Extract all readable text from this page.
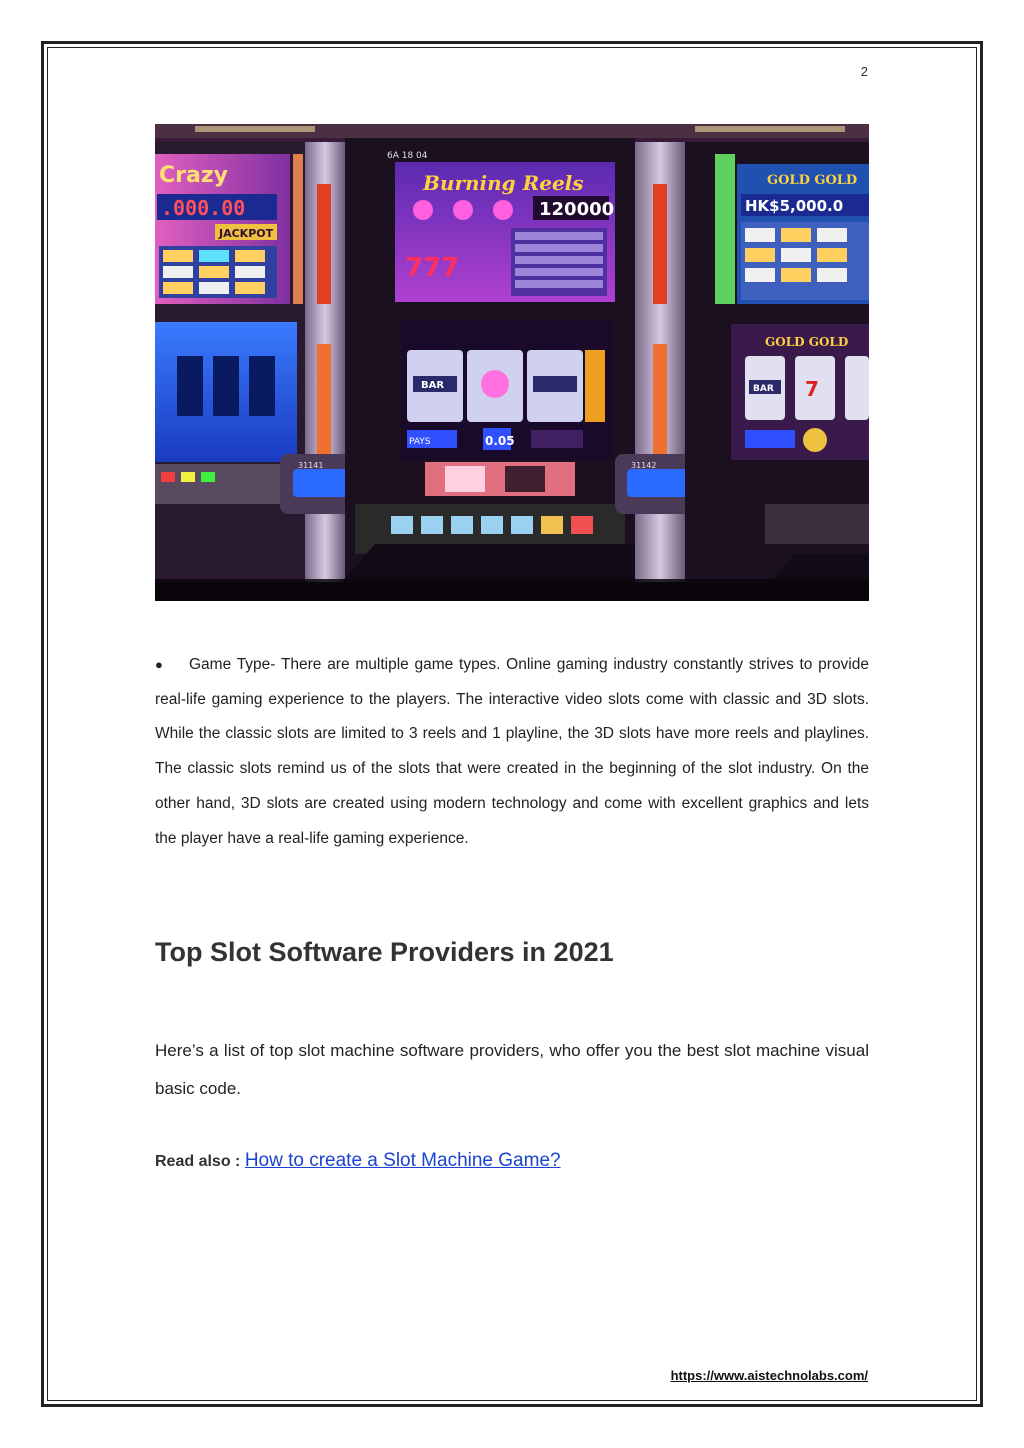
2
Crazy
.000.00
JACKPOT
31141
6A 18 04
Burning Reels
120000
777
BAR
PAYS	0.05
31142
GOLD GOLD
HK$5,000.0
GOLD GOLD
BAR 7
● Game Type- There are multiple game types. Online gaming industry constantly strives to provide real-life gaming experience to the players. The interactive video slots come with classic and 3D slots. While the classic slots are limited to 3 reels and 1 playline, the 3D slots have more reels and playlines. The classic slots remind us of the slots that were created in the beginning of the slot industry. On the other hand, 3D slots are created using modern technology and come with excellent graphics and lets the player have a real-life gaming experience.
Top Slot Software Providers in 2021
Here’s a list of top slot machine software providers, who offer you the best slot machine visual basic code.
Read also : How to create a Slot Machine Game?
https://www.aistechnolabs.com/
